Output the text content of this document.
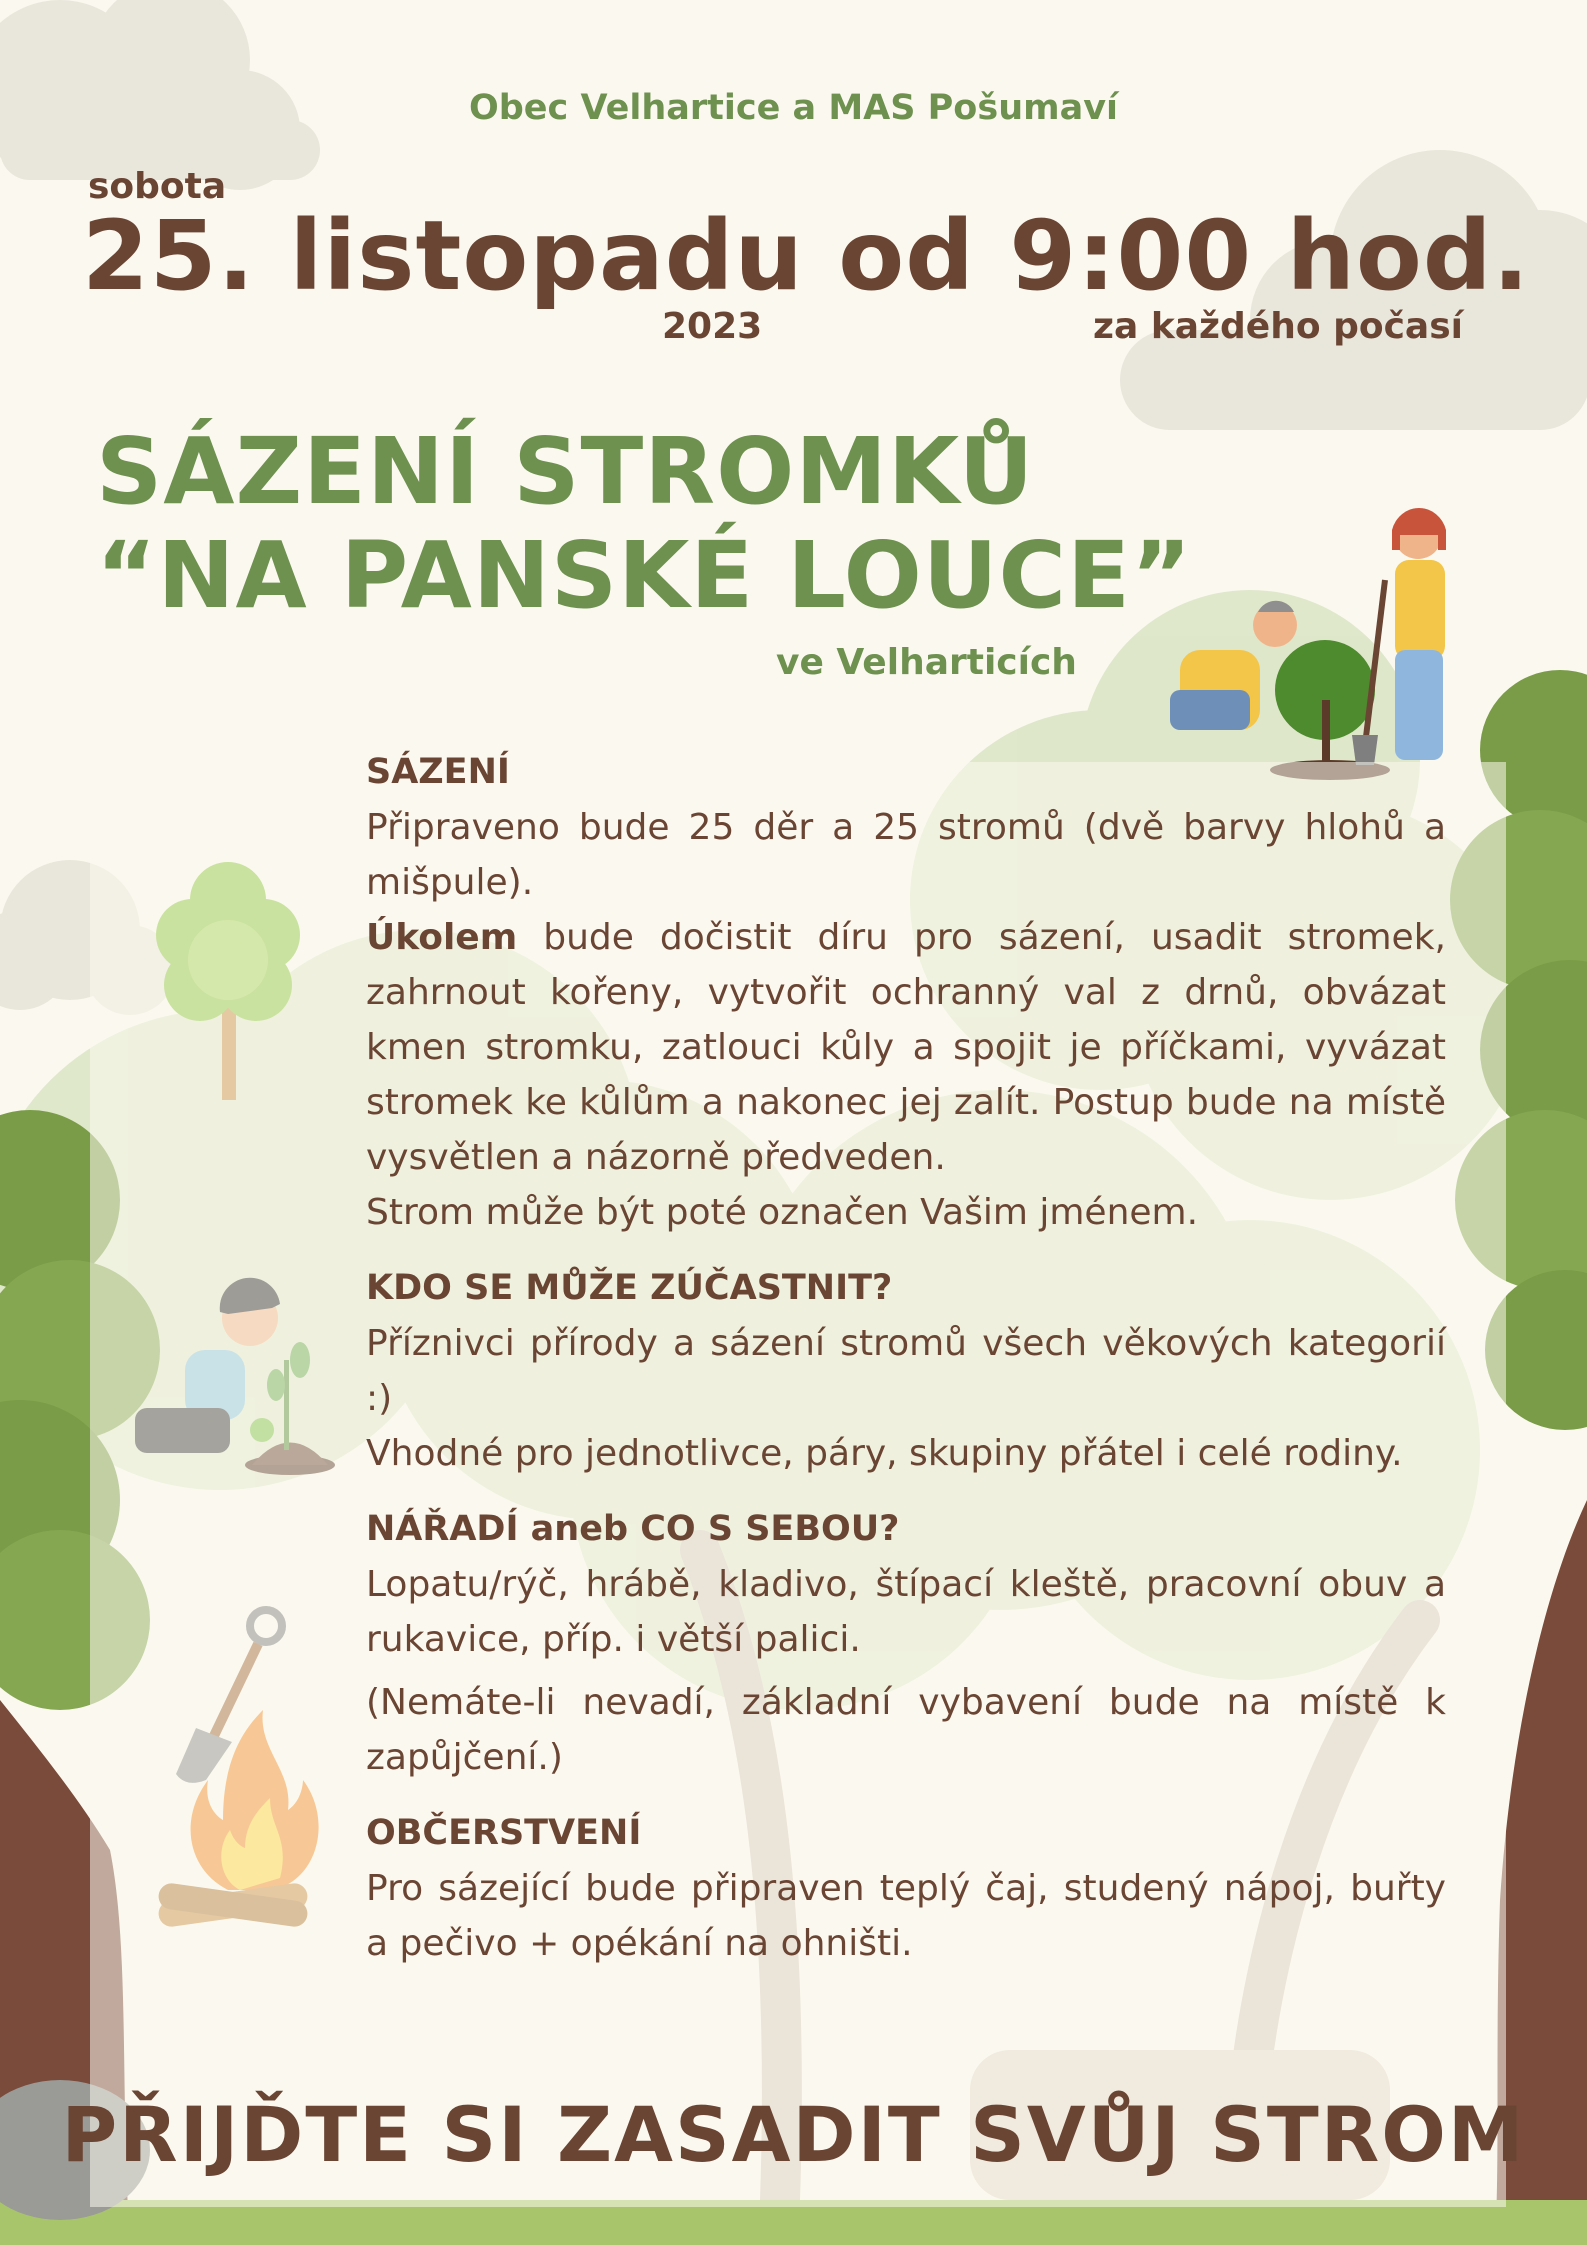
Obec Velhartice a MAS Pošumaví
sobota
25. listopadu od 9:00 hod.
2023	za každého počasí
SÁZENÍ STROMKŮ
“NA PANSKÉ LOUCE”
ve Velharticích
SÁZENÍ

Připraveno bude 25 děr a 25 stromů (dvě barvy hlohů a mišpule).

Úkolem bude dočistit díru pro sázení, usadit stromek, zahrnout kořeny, vytvořit ochranný val z drnů, obvázat kmen stromku, zatlouci kůly a spojit je příčkami, vyvázat stromek ke kůlům a nakonec jej zalít. Postup bude na místě vysvětlen a názorně předveden.

Strom může být poté označen Vašim jménem.

KDO SE MŮŽE ZÚČASTNIT?

Příznivci přírody a sázení stromů všech věkových kategorií :)

Vhodné pro jednotlivce, páry, skupiny přátel i celé rodiny.

NÁŘADÍ aneb CO S SEBOU?

Lopatu/rýč, hrábě, kladivo, štípací kleště, pracovní obuv a rukavice, příp. i větší palici.

(Nemáte-li nevadí, základní vybavení bude na místě k zapůjčení.)

OBČERSTVENÍ

Pro sázející bude připraven teplý čaj, studený nápoj, buřty a pečivo + opékání na ohništi.

PŘIJĎTE SI ZASADIT SVŮJ STROM
